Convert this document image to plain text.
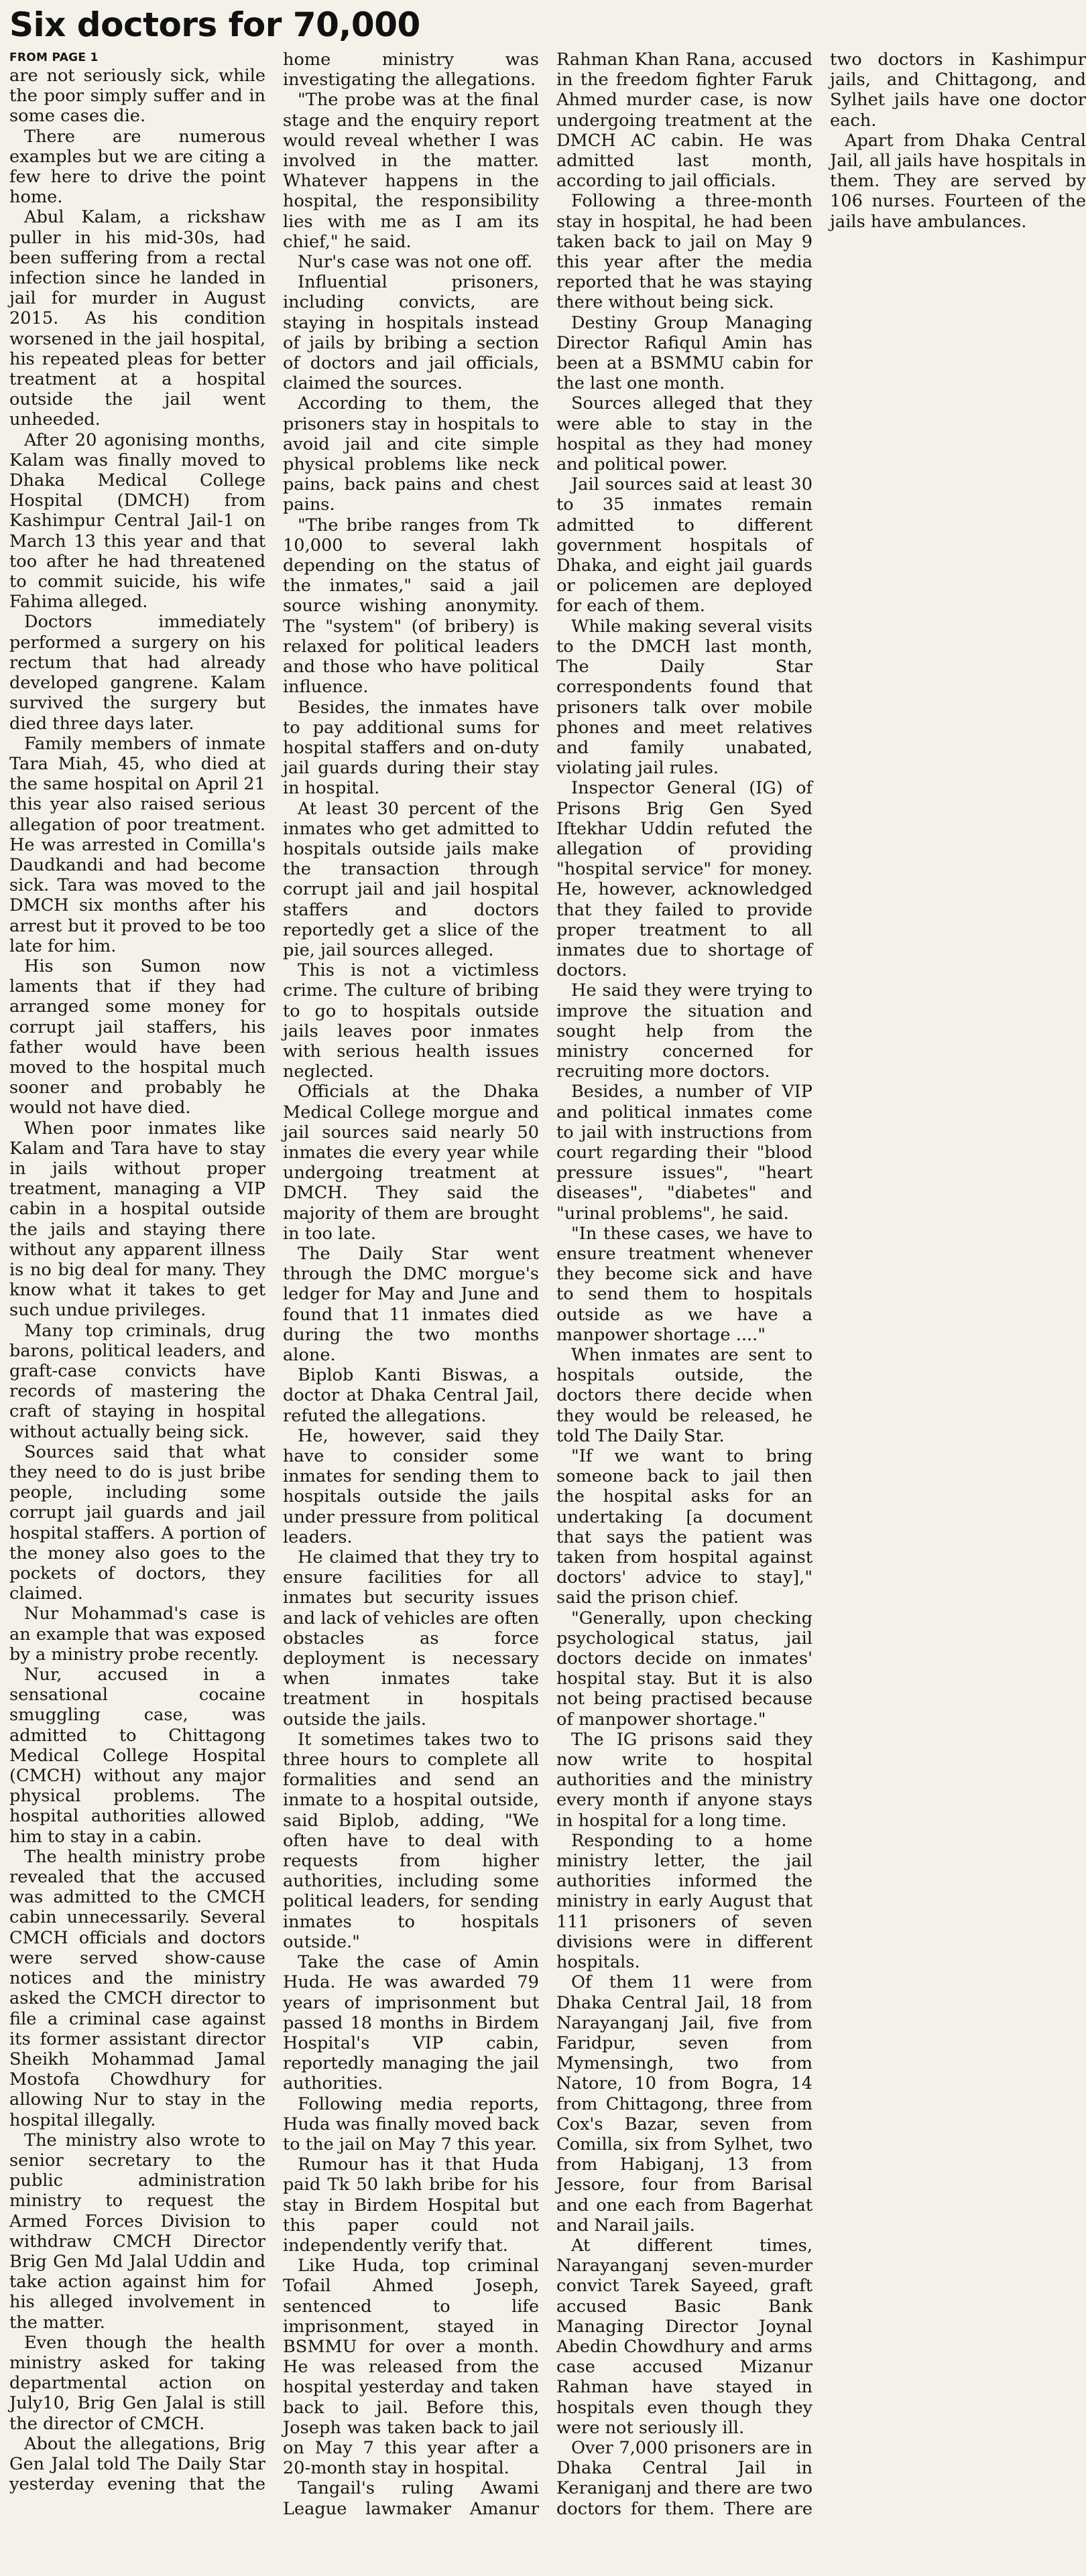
Six doctors for 70,000
FROM PAGE 1

are not seriously sick, while the poor simply suffer and in some cases die.

There are numerous examples but we are citing a few here to drive the point home.

Abul Kalam, a rickshaw puller in his mid-30s, had been suffering from a rectal infection since he landed in jail for murder in August 2015. As his condition worsened in the jail hospital, his repeated pleas for better treatment at a hospital outside the jail went unheeded.

After 20 agonising months, Kalam was finally moved to Dhaka Medical College Hospital (DMCH) from Kashimpur Central Jail-1 on March 13 this year and that too after he had threatened to commit suicide, his wife Fahima alleged.

Doctors immediately performed a surgery on his rectum that had already developed gangrene. Kalam survived the surgery but died three days later.

Family members of inmate Tara Miah, 45, who died at the same hospital on April 21 this year also raised serious allegation of poor treatment. He was arrested in Comilla's Daudkandi and had become sick. Tara was moved to the DMCH six months after his arrest but it proved to be too late for him.

His son Sumon now laments that if they had arranged some money for corrupt jail staffers, his father would have been moved to the hospital much sooner and probably he would not have died.

When poor inmates like Kalam and Tara have to stay in jails without proper treatment, managing a VIP cabin in a hospital outside the jails and staying there without any apparent illness is no big deal for many. They know what it takes to get such undue privileges.

Many top criminals, drug barons, political leaders, and graft-case convicts have records of mastering the craft of staying in hospital without actually being sick.

Sources said that what they need to do is just bribe people, including some corrupt jail guards and jail hospital staffers. A portion of the money also goes to the pockets of doctors, they claimed.

Nur Mohammad's case is an example that was exposed by a ministry probe recently.

Nur, accused in a sensational cocaine smuggling case, was admitted to Chittagong Medical College Hospital (CMCH) without any major physical problems. The hospital authorities allowed him to stay in a cabin.

The health ministry probe revealed that the accused was admitted to the CMCH cabin unnecessarily. Several CMCH officials and doctors were served show-cause notices and the ministry asked the CMCH director to file a criminal case against its former assistant director Sheikh Mohammad Jamal Mostofa Chowdhury for allowing Nur to stay in the hospital illegally.

The ministry also wrote to senior secretary to the public administration ministry to request the Armed Forces Division to withdraw CMCH Director Brig Gen Md Jalal Uddin and take action against him for his alleged involvement in the matter.

Even though the health ministry asked for taking departmental action on July10, Brig Gen Jalal is still the director of CMCH.

About the allegations, Brig Gen Jalal told The Daily Star yesterday evening that the home ministry was investigating the allegations.

"The probe was at the final stage and the enquiry report would reveal whether I was involved in the matter. Whatever happens in the hospital, the responsibility lies with me as I am its chief," he said.

Nur's case was not one off.

Influential prisoners, including convicts, are staying in hospitals instead of jails by bribing a section of doctors and jail officials, claimed the sources.

According to them, the prisoners stay in hospitals to avoid jail and cite simple physical problems like neck pains, back pains and chest pains.

"The bribe ranges from Tk 10,000 to several lakh depending on the status of the inmates," said a jail source wishing anonymity. The "system" (of bribery) is relaxed for political leaders and those who have political influence.

Besides, the inmates have to pay additional sums for hospital staffers and on-duty jail guards during their stay in hospital.

At least 30 percent of the inmates who get admitted to hospitals outside jails make the transaction through corrupt jail and jail hospital staffers and doctors reportedly get a slice of the pie, jail sources alleged.

This is not a victimless crime. The culture of bribing to go to hospitals outside jails leaves poor inmates with serious health issues neglected.

Officials at the Dhaka Medical College morgue and jail sources said nearly 50 inmates die every year while undergoing treatment at DMCH. They said the majority of them are brought in too late.

The Daily Star went through the DMC morgue's ledger for May and June and found that 11 inmates died during the two months alone.

Biplob Kanti Biswas, a doctor at Dhaka Central Jail, refuted the allegations.

He, however, said they have to consider some inmates for sending them to hospitals outside the jails under pressure from political leaders.

He claimed that they try to ensure facilities for all inmates but security issues and lack of vehicles are often obstacles as force deployment is necessary when inmates take treatment in hospitals outside the jails.

It sometimes takes two to three hours to complete all formalities and send an inmate to a hospital outside, said Biplob, adding, "We often have to deal with requests from higher authorities, including some political leaders, for sending inmates to hospitals outside."

Take the case of Amin Huda. He was awarded 79 years of imprisonment but passed 18 months in Birdem Hospital's VIP cabin, reportedly managing the jail authorities.

Following media reports, Huda was finally moved back to the jail on May 7 this year.

Rumour has it that Huda paid Tk 50 lakh bribe for his stay in Birdem Hospital but this paper could not independently verify that.

Like Huda, top criminal Tofail Ahmed Joseph, sentenced to life imprisonment, stayed in BSMMU for over a month. He was released from the hospital yesterday and taken back to jail. Before this, Joseph was taken back to jail on May 7 this year after a 20-month stay in hospital.

Tangail's ruling Awami League lawmaker Amanur Rahman Khan Rana, accused in the freedom fighter Faruk Ahmed murder case, is now undergoing treatment at the DMCH AC cabin. He was admitted last month, according to jail officials.

Following a three-month stay in hospital, he had been taken back to jail on May 9 this year after the media reported that he was staying there without being sick.

Destiny Group Managing Director Rafiqul Amin has been at a BSMMU cabin for the last one month.

Sources alleged that they were able to stay in the hospital as they had money and political power.

Jail sources said at least 30 to 35 inmates remain admitted to different government hospitals of Dhaka, and eight jail guards or policemen are deployed for each of them.

While making several visits to the DMCH last month, The Daily Star correspondents found that prisoners talk over mobile phones and meet relatives and family unabated, violating jail rules.

Inspector General (IG) of Prisons Brig Gen Syed Iftekhar Uddin refuted the allegation of providing "hospital service" for money. He, however, acknowledged that they failed to provide proper treatment to all inmates due to shortage of doctors.

He said they were trying to improve the situation and sought help from the ministry concerned for recruiting more doctors.

Besides, a number of VIP and political inmates come to jail with instructions from court regarding their "blood pressure issues", "heart diseases", "diabetes" and "urinal problems", he said.

"In these cases, we have to ensure treatment whenever they become sick and have to send them to hospitals outside as we have a manpower shortage ...."

When inmates are sent to hospitals outside, the doctors there decide when they would be released, he told The Daily Star.

"If we want to bring someone back to jail then the hospital asks for an undertaking [a document that says the patient was taken from hospital against doctors' advice to stay]," said the prison chief.

"Generally, upon checking psychological status, jail doctors decide on inmates' hospital stay. But it is also not being practised because of manpower shortage."

The IG prisons said they now write to hospital authorities and the ministry every month if anyone stays in hospital for a long time.

Responding to a home ministry letter, the jail authorities informed the ministry in early August that 111 prisoners of seven divisions were in different hospitals.

Of them 11 were from Dhaka Central Jail, 18 from Narayanganj Jail, five from Faridpur, seven from Mymensingh, two from Natore, 10 from Bogra, 14 from Chittagong, three from Cox's Bazar, seven from Comilla, six from Sylhet, two from Habiganj, 13 from Jessore, four from Barisal and one each from Bagerhat and Narail jails.

At different times, Narayanganj seven-murder convict Tarek Sayeed, graft accused Basic Bank Managing Director Joynal Abedin Chowdhury and arms case accused Mizanur Rahman have stayed in hospitals even though they were not seriously ill.

Over 7,000 prisoners are in Dhaka Central Jail in Keraniganj and there are two doctors for them. There are two doctors in Kashimpur jails, and Chittagong, and Sylhet jails have one doctor each.

Apart from Dhaka Central Jail, all jails have hospitals in them. They are served by 106 nurses. Fourteen of the jails have ambulances.
